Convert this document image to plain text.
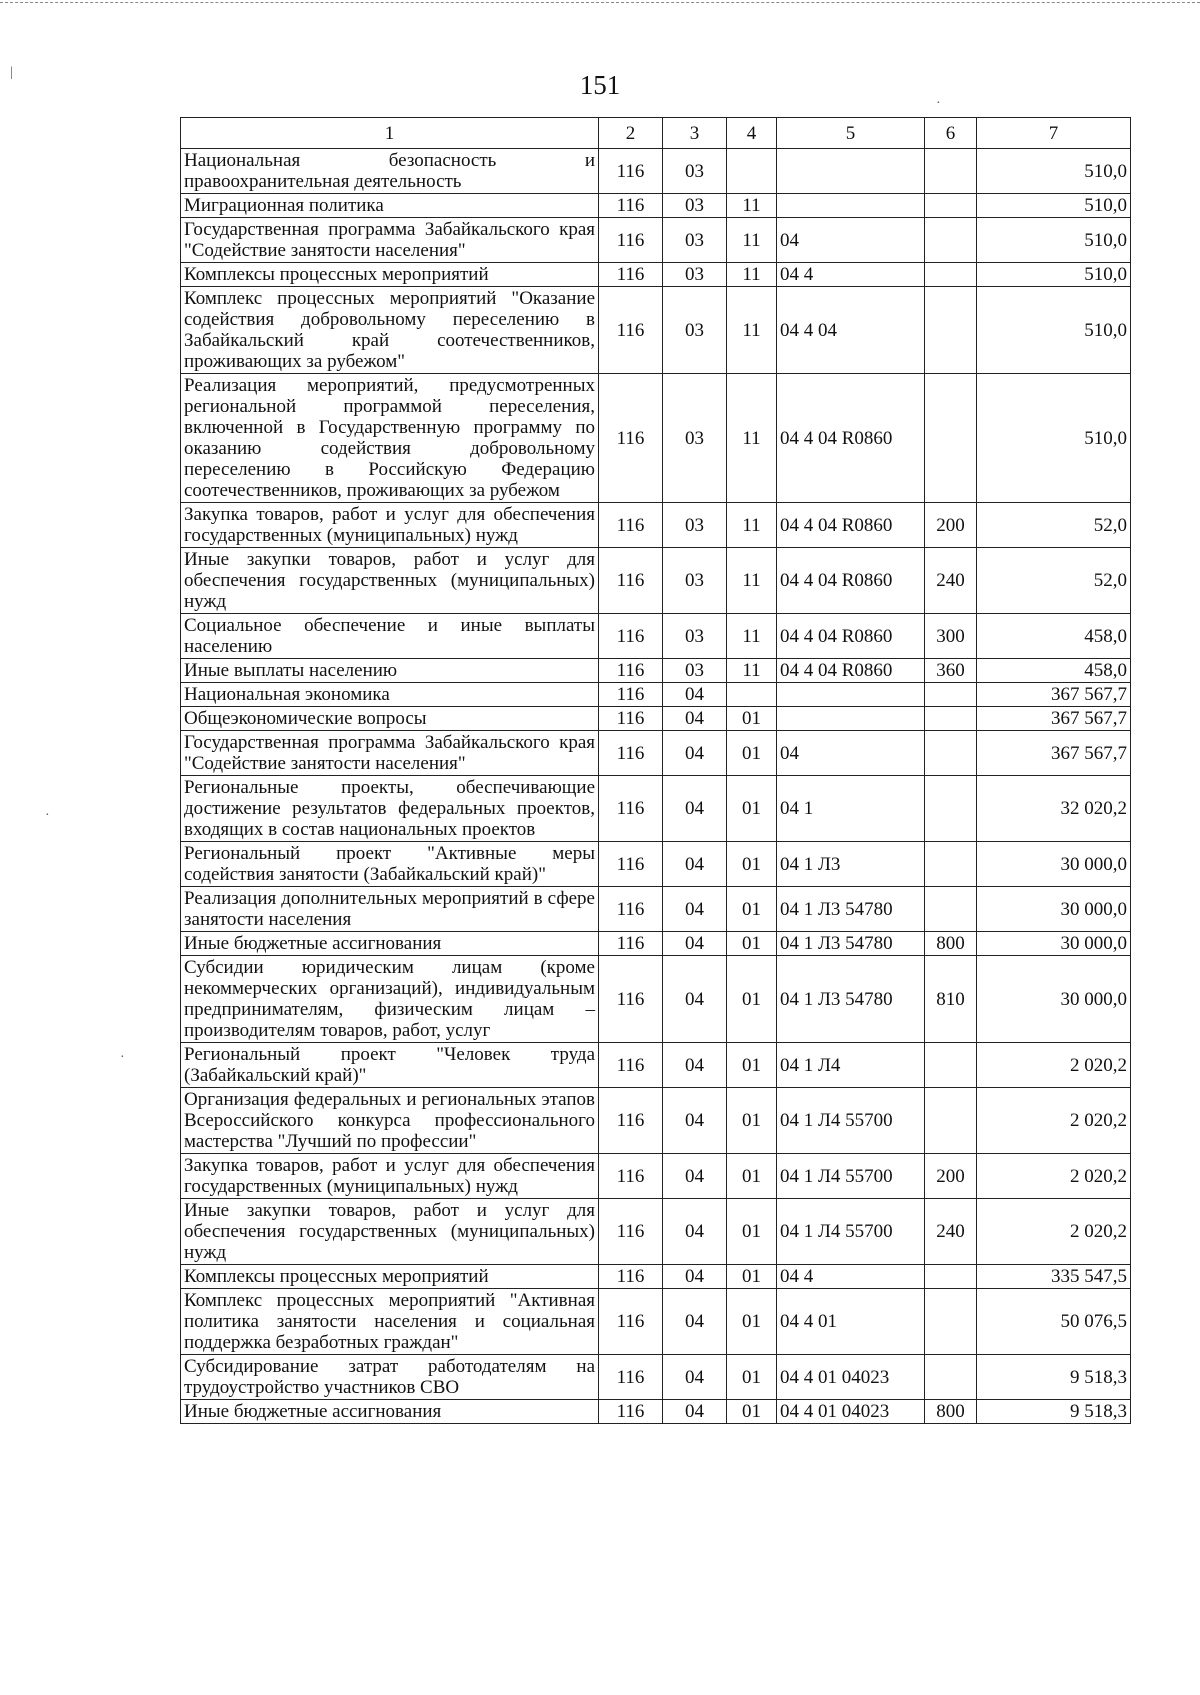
151
1	2	3	4	5	6	7
Национальная безопасность и правоохранительная деятельность	116	03				510,0
Миграционная политика	116	03	11			510,0
Государственная программа Забайкальского края "Содействие занятости населения"	116	03	11	04		510,0
Комплексы процессных мероприятий	116	03	11	04 4		510,0
Комплекс процессных мероприятий "Оказание содействия добровольному переселению в Забайкальский край соотечественников, проживающих за рубежом"	116	03	11	04 4 04		510,0
Реализация мероприятий, предусмотренных региональной программой переселения, включенной в Государственную программу по оказанию содействия добровольному переселению в Российскую Федерацию соотечественников, проживающих за рубежом	116	03	11	04 4 04 R0860		510,0
Закупка товаров, работ и услуг для обеспечения государственных (муниципальных) нужд	116	03	11	04 4 04 R0860	200	52,0
Иные закупки товаров, работ и услуг для обеспечения государственных (муниципальных) нужд	116	03	11	04 4 04 R0860	240	52,0
Социальное обеспечение и иные выплаты населению	116	03	11	04 4 04 R0860	300	458,0
Иные выплаты населению	116	03	11	04 4 04 R0860	360	458,0
Национальная экономика	116	04				367 567,7
Общеэкономические вопросы	116	04	01			367 567,7
Государственная программа Забайкальского края "Содействие занятости населения"	116	04	01	04		367 567,7
Региональные проекты, обеспечивающие достижение результатов федеральных проектов, входящих в состав национальных проектов	116	04	01	04 1		32 020,2
Региональный проект "Активные меры содействия занятости (Забайкальский край)"	116	04	01	04 1 Л3		30 000,0
Реализация дополнительных мероприятий в сфере занятости населения	116	04	01	04 1 Л3 54780		30 000,0
Иные бюджетные ассигнования	116	04	01	04 1 Л3 54780	800	30 000,0
Субсидии юридическим лицам (кроме некоммерческих организаций), индивидуальным предпринимателям, физическим лицам – производителям товаров, работ, услуг	116	04	01	04 1 Л3 54780	810	30 000,0
Региональный проект "Человек труда (Забайкальский край)"	116	04	01	04 1 Л4		2 020,2
Организация федеральных и региональных этапов Всероссийского конкурса профессионального мастерства "Лучший по профессии"	116	04	01	04 1 Л4 55700		2 020,2
Закупка товаров, работ и услуг для обеспечения государственных (муниципальных) нужд	116	04	01	04 1 Л4 55700	200	2 020,2
Иные закупки товаров, работ и услуг для обеспечения государственных (муниципальных) нужд	116	04	01	04 1 Л4 55700	240	2 020,2
Комплексы процессных мероприятий	116	04	01	04 4		335 547,5
Комплекс процессных мероприятий "Активная политика занятости населения и социальная поддержка безработных граждан"	116	04	01	04 4 01		50 076,5
Субсидирование затрат работодателям на трудоустройство участников СВО	116	04	01	04 4 01 04023		9 518,3
Иные бюджетные ассигнования	116	04	01	04 4 01 04023	800	9 518,3
·
|
·
·
